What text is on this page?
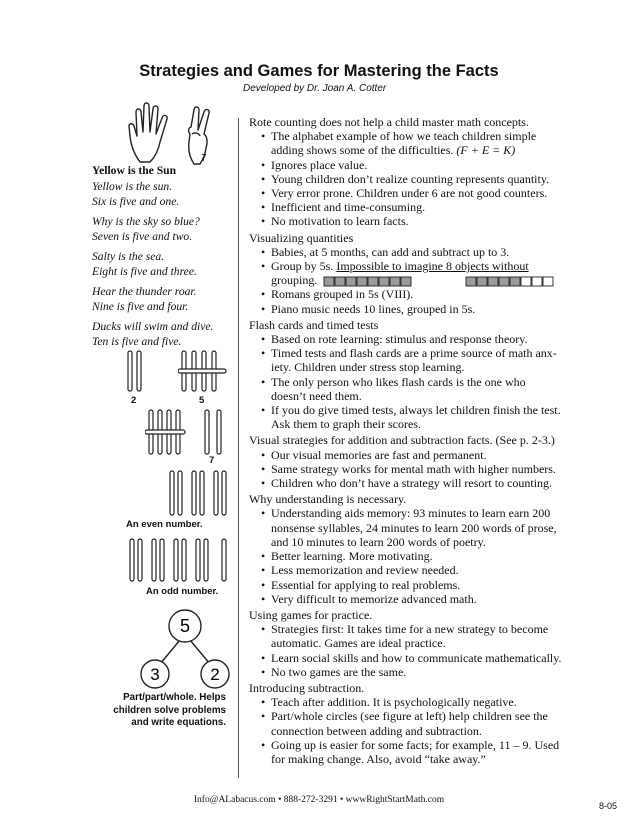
Strategies and Games for Mastering the Facts
Developed by Dr. Joan A. Cotter
7
Yellow is the Sun
Yellow is the sun.
Six is five and one.
Why is the sky so blue?
Seven is five and two.
Salty is the sea.
Eight is five and three.
Hear the thunder roar.
Nine is five and four.
Ducks will swim and dive.
Ten is five and five.
2	5
7
An even number.
An odd number.
5
3	2
Part/part/whole. Helps
children solve problems
and write equations.
Rote counting does not help a child master math concepts.
• The alphabet example of how we teach children simple
adding shows some of the difficulties. (F + E = K)
• Ignores place value.
• Young children don’t realize counting represents quantity.
• Very error prone. Children under 6 are not good counters.
• Inefficient and time-consuming.
• No motivation to learn facts.
Visualizing quantities
• Babies, at 5 months, can add and subtract up to 3.
• Group by 5s. Impossible to imagine 8 objects without
grouping.
• Romans grouped in 5s (VIII).
• Piano music needs 10 lines, grouped in 5s.
Flash cards and timed tests
• Based on rote learning: stimulus and response theory.
• Timed tests and flash cards are a prime source of math anx-
iety. Children under stress stop learning.
• The only person who likes flash cards is the one who
doesn’t need them.
• If you do give timed tests, always let children finish the test.
Ask them to graph their scores.
Visual strategies for addition and subtraction facts. (See p. 2-3.)
• Our visual memories are fast and permanent.
• Same strategy works for mental math with higher numbers.
• Children who don’t have a strategy will resort to counting.
Why understanding is necessary.
• Understanding aids memory: 93 minutes to learn earn 200
nonsense syllables, 24 minutes to learn 200 words of prose,
and 10 minutes to learn 200 words of poetry.
• Better learning. More motivating.
• Less memorization and review needed.
• Essential for applying to real problems.
• Very difficult to memorize advanced math.
Using games for practice.
• Strategies first: It takes time for a new strategy to become
automatic. Games are ideal practice.
• Learn social skills and how to communicate mathematically.
• No two games are the same.
Introducing subtraction.
• Teach after addition. It is psychologically negative.
• Part/whole circles (see figure at left) help children see the
connection between adding and subtraction.
• Going up is easier for some facts; for example, 11 – 9. Used
for making change. Also, avoid “take away.”
Info@ALabacus.com • 888-272-3291 • wwwRightStartMath.com
8-05
